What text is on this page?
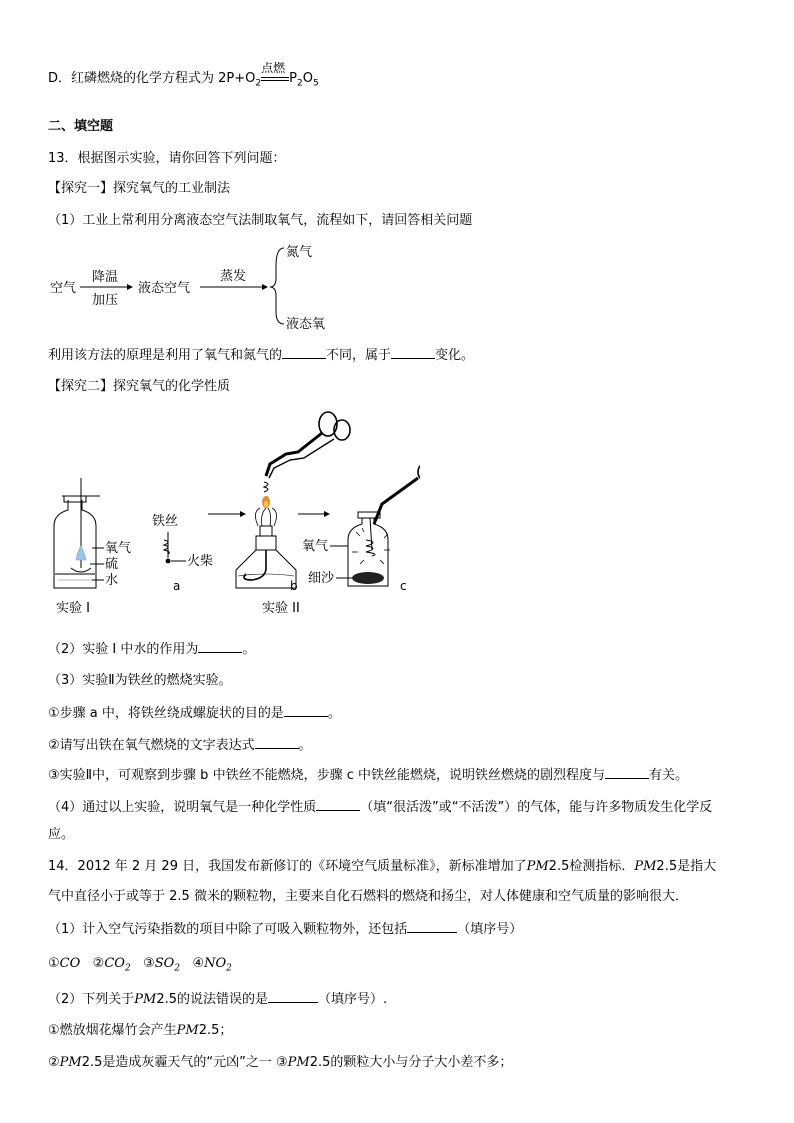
D．红磷燃烧的化学方程式为 $2P+O_2$
点燃
$P_2O_5$
二、填空题
13．根据图示实验，请你回答下列问题：
【探究一】探究氧气的工业制法
（1）工业上常利用分离液态空气法制取氧气，流程如下，请回答相关问题
空气
降温
加压
液态空气
蒸发
氮气
液态氧
利用该方法的原理是利用了氧气和氮气的	不同，属于	变化。
【探究二】探究氧气的化学性质
氧气
硫
水
实验 I
铁丝
火柴
a	b
实验 II
氧气
细沙	c
（2）实验 I 中水的作用为	。
（3）实验Ⅱ为铁丝的燃烧实验。
①步骤 a 中，将铁丝绕成螺旋状的目的是	。
②请写出铁在氧气燃烧的文字表达式	。
③实验Ⅱ中，可观察到步骤 b 中铁丝不能燃烧，步骤 c 中铁丝能燃烧，说明铁丝燃烧的剧烈程度与	有关。
（4）通过以上实验，说明氧气是一种化学性质	（填“很活泼”或“不活泼”）的气体，能与许多物质发生化学反
应。
14．2012 年 2 月 29 日，我国发布新修订的《环境空气质量标准》，新标准增加了PM2.5检测指标．PM2.5是指大
气中直径小于或等于 2.5 微米的颗粒物，主要来自化石燃料的燃烧和扬尘，对人体健康和空气质量的影响很大．
（1）计入空气污染指数的项目中除了可吸入颗粒物外，还包括	（填序号）
①CO $②CO_2$ $③SO_2$ $④NO_2$
（2）下列关于PM2.5的说法错误的是	（填序号）.
①燃放烟花爆竹会产生PM2.5；
②PM2.5是造成灰霾天气的“元凶”之一 ③PM2.5的颗粒大小与分子大小差不多；
